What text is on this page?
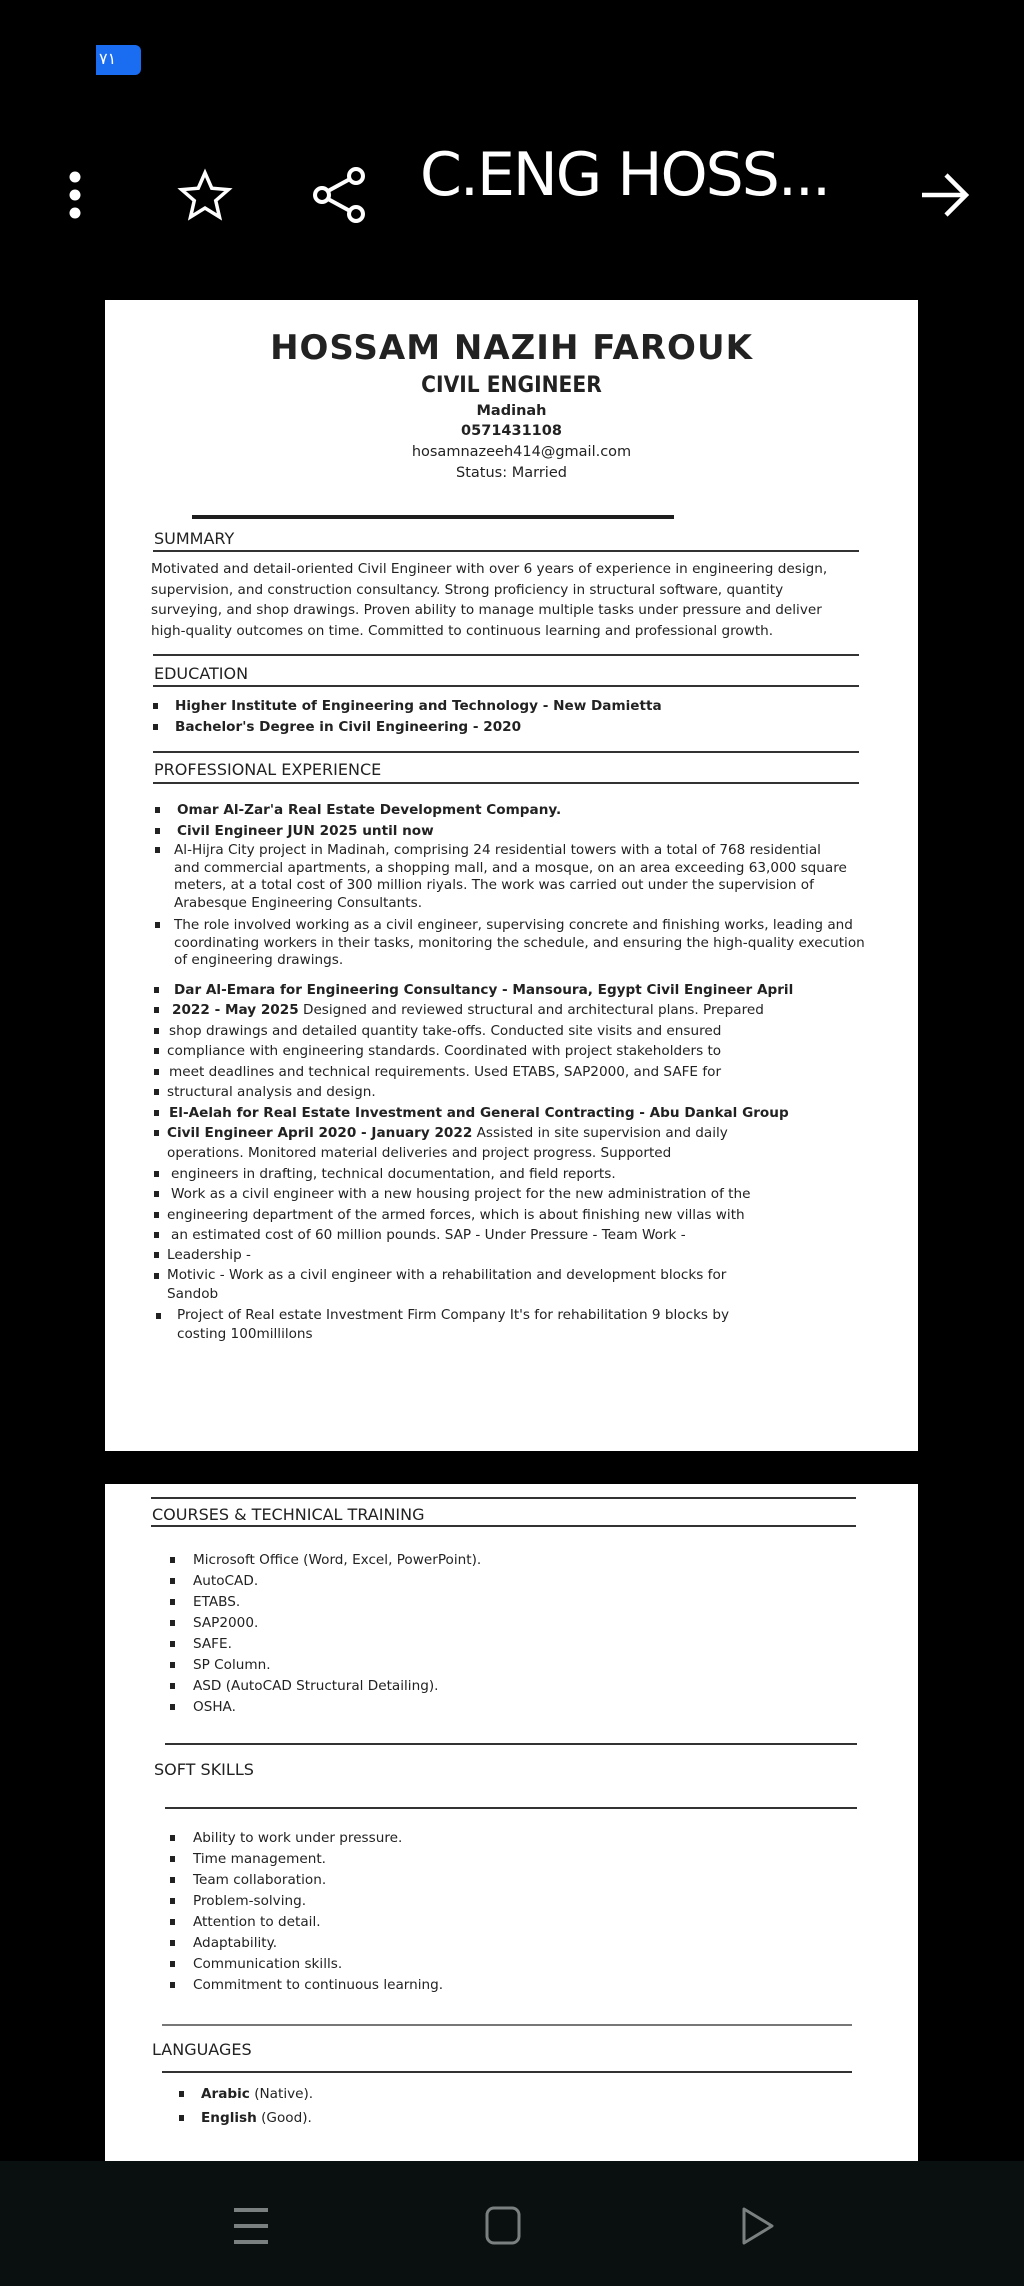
٧١
C.ENG HOSS...
HOSSAM NAZIH FAROUK
CIVIL ENGINEER
Madinah
0571431108
hosamnazeeh414@gmail.com
Status: Married
SUMMARY
Motivated and detail-oriented Civil Engineer with over 6 years of experience in engineering design,
supervision, and construction consultancy. Strong proficiency in structural software, quantity
surveying, and shop drawings. Proven ability to manage multiple tasks under pressure and deliver
high-quality outcomes on time. Committed to continuous learning and professional growth.
EDUCATION
Higher Institute of Engineering and Technology - New Damietta
Bachelor's Degree in Civil Engineering - 2020
PROFESSIONAL EXPERIENCE
Omar Al-Zar'a Real Estate Development Company.
Civil Engineer JUN 2025 until now
Al-Hijra City project in Madinah, comprising 24 residential towers with a total of 768 residential
and commercial apartments, a shopping mall, and a mosque, on an area exceeding 63,000 square
meters, at a total cost of 300 million riyals. The work was carried out under the supervision of
Arabesque Engineering Consultants.
The role involved working as a civil engineer, supervising concrete and finishing works, leading and
coordinating workers in their tasks, monitoring the schedule, and ensuring the high-quality execution
of engineering drawings.
Dar Al-Emara for Engineering Consultancy - Mansoura, Egypt Civil Engineer April
2022 - May 2025 Designed and reviewed structural and architectural plans. Prepared
shop drawings and detailed quantity take-offs. Conducted site visits and ensured
compliance with engineering standards. Coordinated with project stakeholders to
meet deadlines and technical requirements. Used ETABS, SAP2000, and SAFE for
structural analysis and design.
El-Aelah for Real Estate Investment and General Contracting - Abu Dankal Group
Civil Engineer April 2020 - January 2022 Assisted in site supervision and daily
operations. Monitored material deliveries and project progress. Supported
engineers in drafting, technical documentation, and field reports.
Work as a civil engineer with a new housing project for the new administration of the
engineering department of the armed forces, which is about finishing new villas with
an estimated cost of 60 million pounds. SAP - Under Pressure - Team Work -
Leadership -
Motivic - Work as a civil engineer with a rehabilitation and development blocks for
Sandob
Project of Real estate Investment Firm Company It's for rehabilitation 9 blocks by
costing 100millilons
COURSES & TECHNICAL TRAINING
Microsoft Office (Word, Excel, PowerPoint).
AutoCAD.
ETABS.
SAP2000.
SAFE.
SP Column.
ASD (AutoCAD Structural Detailing).
OSHA.
SOFT SKILLS
Ability to work under pressure.
Time management.
Team collaboration.
Problem-solving.
Attention to detail.
Adaptability.
Communication skills.
Commitment to continuous learning.
LANGUAGES
Arabic (Native).
English (Good).
